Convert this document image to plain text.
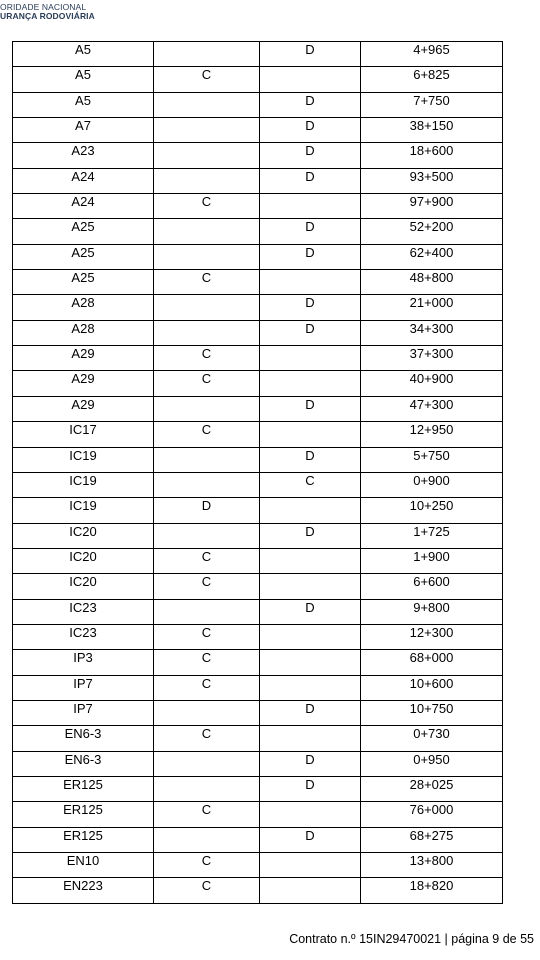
ORIDADE NACIONAL
URANÇA RODOVIÁRIA
A5		D	4+965
A5	C		6+825
A5		D	7+750
A7		D	38+150
A23		D	18+600
A24		D	93+500
A24	C		97+900
A25		D	52+200
A25		D	62+400
A25	C		48+800
A28		D	21+000
A28		D	34+300
A29	C		37+300
A29	C		40+900
A29		D	47+300
IC17	C		12+950
IC19		D	5+750
IC19		C	0+900
IC19	D		10+250
IC20		D	1+725
IC20	C		1+900
IC20	C		6+600
IC23		D	9+800
IC23	C		12+300
IP3	C		68+000
IP7	C		10+600
IP7		D	10+750
EN6-3	C		0+730
EN6-3		D	0+950
ER125		D	28+025
ER125	C		76+000
ER125		D	68+275
EN10	C		13+800
EN223	C		18+820
Contrato n.º 15IN29470021 | página 9 de 55
